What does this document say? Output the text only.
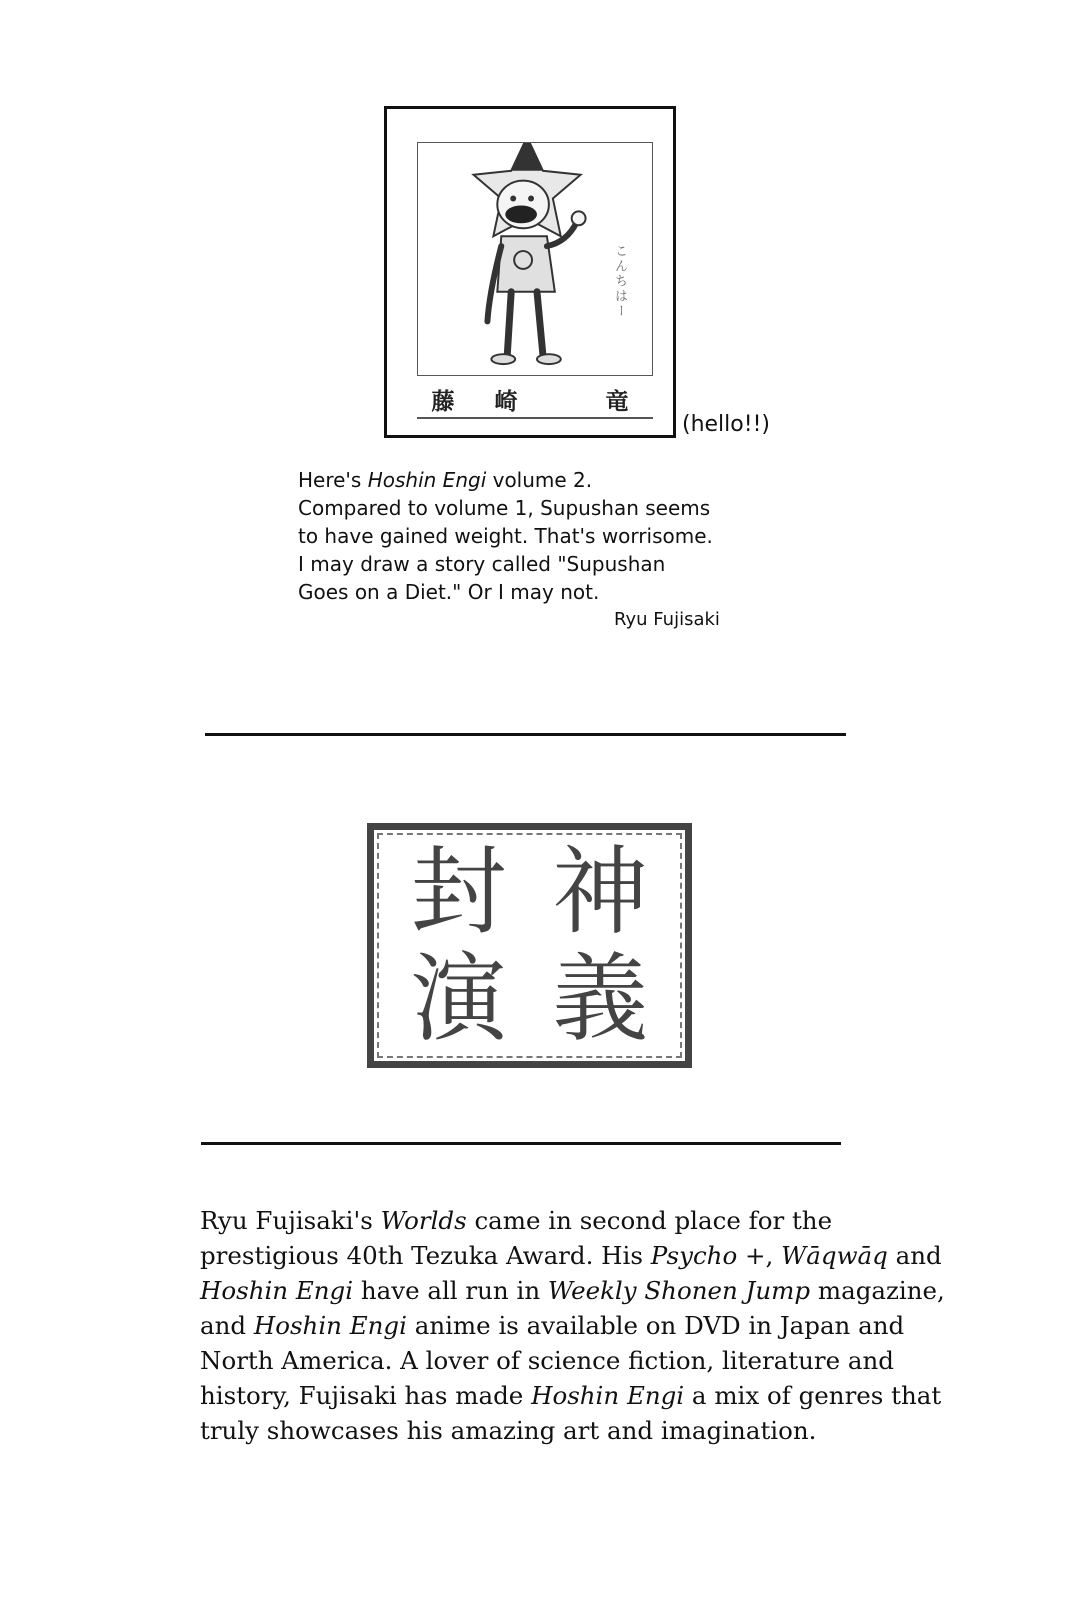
こんちはー
藤崎 竜
(hello!!)

Here's Hoshin Engi volume 2.

Compared to volume 1, Supushan seems

to have gained weight. That's worrisome.

I may draw a story called "Supushan

Goes on a Diet." Or I may not.

Ryu Fujisaki

神
封
義
演

Ryu Fujisaki's Worlds came in second place for the

prestigious 40th Tezuka Award. His Psycho +, Wāqwāq and

Hoshin Engi have all run in Weekly Shonen Jump magazine,

and Hoshin Engi anime is available on DVD in Japan and

North America. A lover of science fiction, literature and

history, Fujisaki has made Hoshin Engi a mix of genres that

truly showcases his amazing art and imagination.
